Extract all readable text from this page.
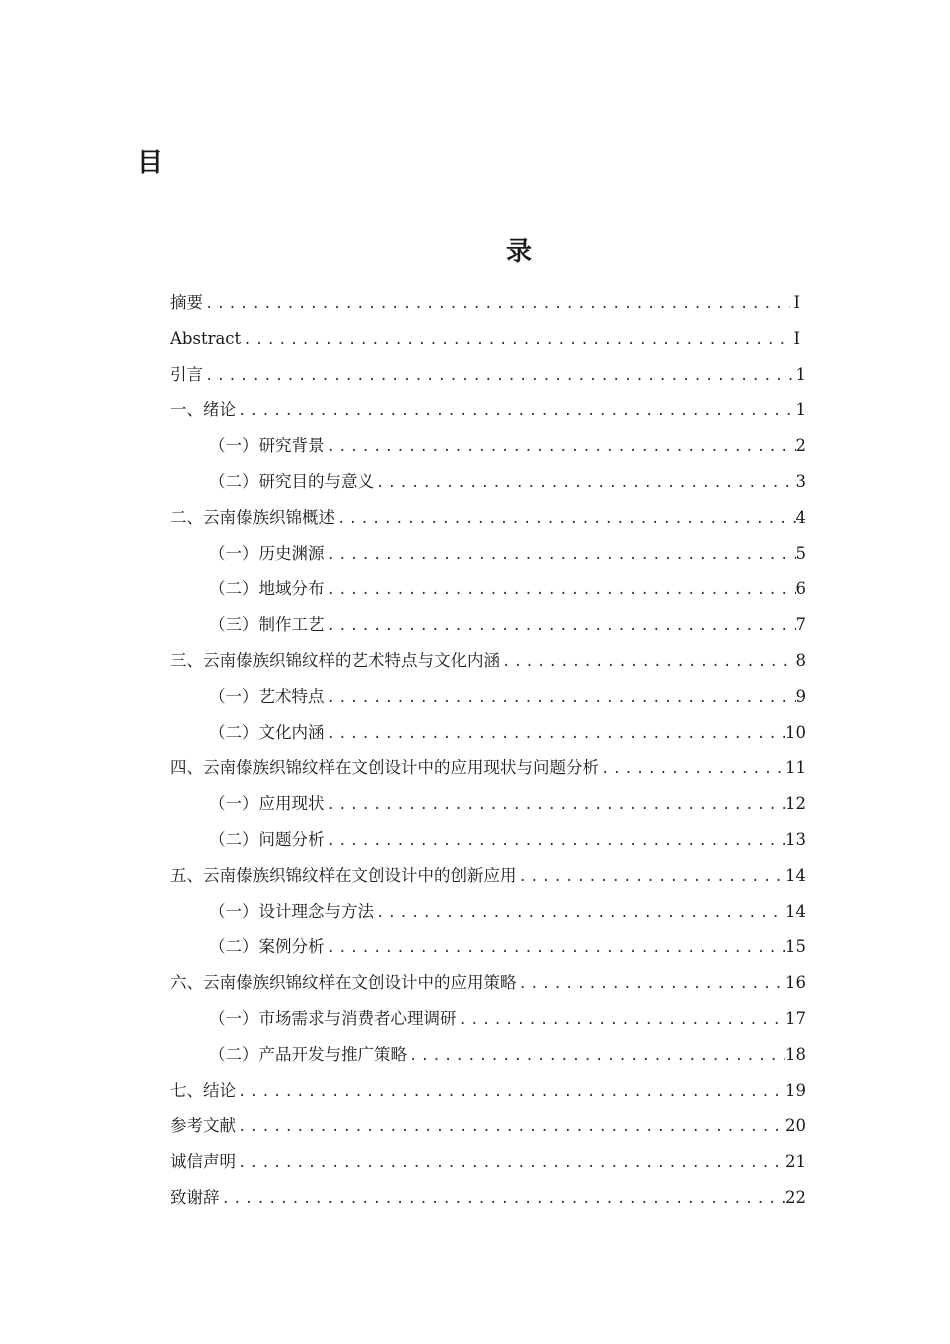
目
录
摘要 .....	I
Abstract .....	I
引言 .....	1
一、绪论 .....	1
（一）研究背景 .....	2
（二）研究目的与意义 .....	3
二、云南傣族织锦概述 .....	4
（一）历史渊源 .....	5
（二）地域分布 .....	6
（三）制作工艺 .....	7
三、云南傣族织锦纹样的艺术特点与文化内涵 .....	8
（一）艺术特点 .....	9
（二）文化内涵 .....	10
四、云南傣族织锦纹样在文创设计中的应用现状与问题分析 .....	11
（一）应用现状 .....	12
（二）问题分析 .....	13
五、云南傣族织锦纹样在文创设计中的创新应用 .....	14
（一）设计理念与方法 .....	14
（二）案例分析 .....	15
六、云南傣族织锦纹样在文创设计中的应用策略 .....	16
（一）市场需求与消费者心理调研 .....	17
（二）产品开发与推广策略 .....	18
七、结论 .....	19
参考文献 .....	20
诚信声明 .....	21
致谢辞 .....	22
